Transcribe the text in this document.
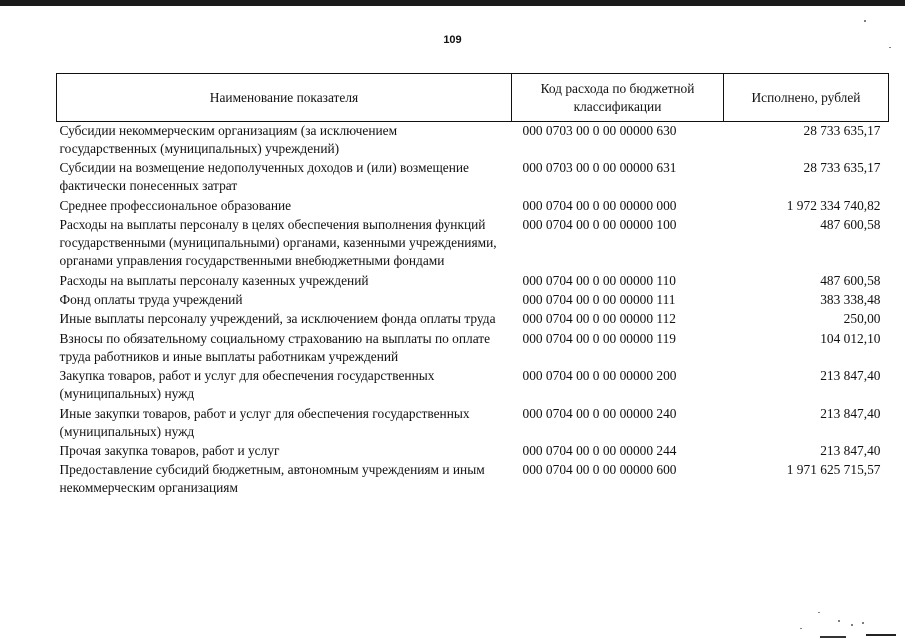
109
Наименование показателя	Код расхода по бюджетной классификации	Исполнено, рублей
Субсидии некоммерческим организациям (за исключением государственных (муниципальных) учреждений)	000 0703 00 0 00 00000 630	28 733 635,17
Субсидии на возмещение недополученных доходов и (или) возмещение фактически понесенных затрат	000 0703 00 0 00 00000 631	28 733 635,17
Среднее профессиональное образование	000 0704 00 0 00 00000 000	1 972 334 740,82
Расходы на выплаты персоналу в целях обеспечения выполнения функций государственными (муниципальными) органами, казенными учреждениями, органами управления государственными внебюджетными фондами	000 0704 00 0 00 00000 100	487 600,58
Расходы на выплаты персоналу казенных учреждений	000 0704 00 0 00 00000 110	487 600,58
Фонд оплаты труда учреждений	000 0704 00 0 00 00000 111	383 338,48
Иные выплаты персоналу учреждений, за исключением фонда оплаты труда	000 0704 00 0 00 00000 112	250,00
Взносы по обязательному социальному страхованию на выплаты по оплате труда работников и иные выплаты работникам учреждений	000 0704 00 0 00 00000 119	104 012,10
Закупка товаров, работ и услуг для обеспечения государственных (муниципальных) нужд	000 0704 00 0 00 00000 200	213 847,40
Иные закупки товаров, работ и услуг для обеспечения государственных (муниципальных) нужд	000 0704 00 0 00 00000 240	213 847,40
Прочая закупка товаров, работ и услуг	000 0704 00 0 00 00000 244	213 847,40
Предоставление субсидий бюджетным, автономным учреждениям и иным некоммерческим организациям	000 0704 00 0 00 00000 600	1 971 625 715,57
